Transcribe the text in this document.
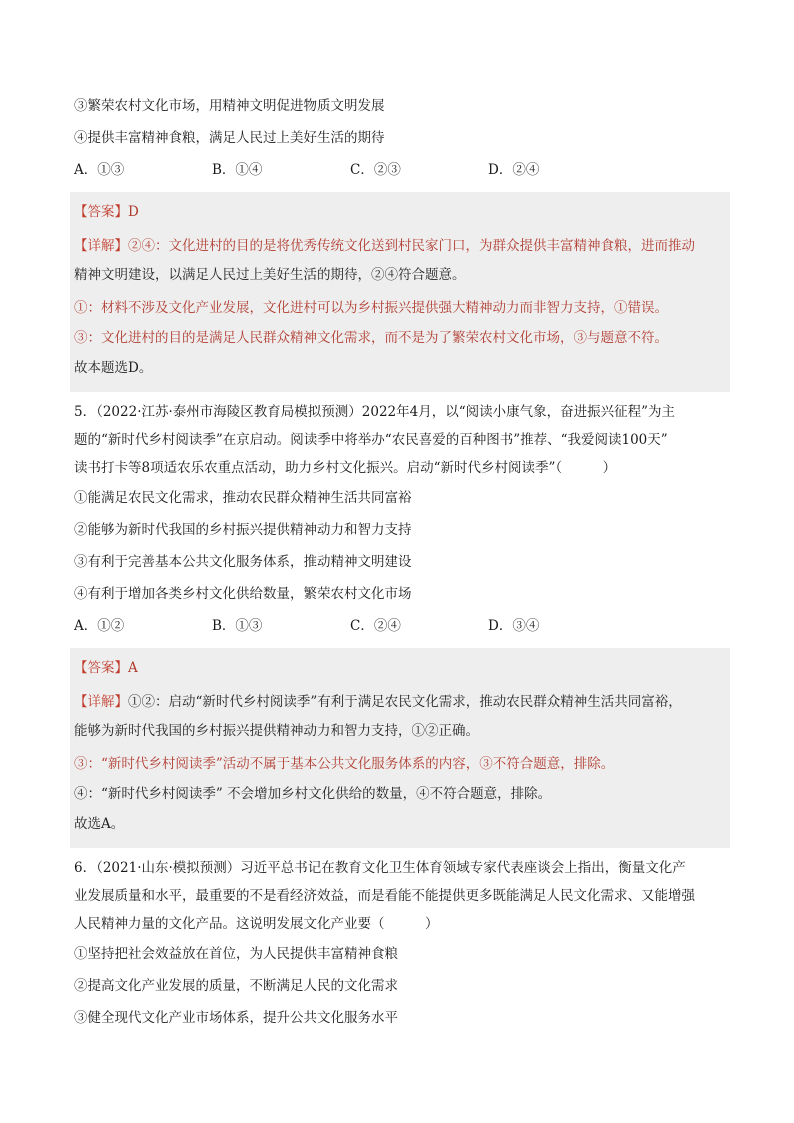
③繁荣农村文化市场，用精神文明促进物质文明发展

④提供丰富精神食粮，满足人民过上美好生活的期待

A．①③	B．①④	C．②③	D．②④
【答案】D
【详解】②④：文化进村的目的是将优秀传统文化送到村民家门口，为群众提供丰富精神食粮，进而推动
精神文明建设，以满足人民过上美好生活的期待，②④符合题意。
①：材料不涉及文化产业发展，文化进村可以为乡村振兴提供强大精神动力而非智力支持，①错误。
③：文化进村的目的是满足人民群众精神文化需求，而不是为了繁荣农村文化市场，③与题意不符。
故本题选D。
5．（2022·江苏·泰州市海陵区教育局模拟预测）2022年4月，以“阅读小康气象，奋进振兴征程”为主
题的“新时代乡村阅读季”在京启动。阅读季中将举办“农民喜爱的百种图书”推荐、“我爱阅读100天”
读书打卡等8项适农乐农重点活动，助力乡村文化振兴。启动“新时代乡村阅读季”（　　　）

①能满足农民文化需求，推动农民群众精神生活共同富裕

②能够为新时代我国的乡村振兴提供精神动力和智力支持

③有利于完善基本公共文化服务体系，推动精神文明建设

④有利于增加各类乡村文化供给数量，繁荣农村文化市场

A．①②	B．①③	C．②④	D．③④
【答案】A
【详解】①②：启动“新时代乡村阅读季”有利于满足农民文化需求，推动农民群众精神生活共同富裕，
能够为新时代我国的乡村振兴提供精神动力和智力支持，①②正确。
③：“新时代乡村阅读季”活动不属于基本公共文化服务体系的内容，③不符合题意，排除。
④：“新时代乡村阅读季” 不会增加乡村文化供给的数量，④不符合题意，排除。
故选A。
6．（2021·山东·模拟预测）习近平总书记在教育文化卫生体育领域专家代表座谈会上指出，衡量文化产
业发展质量和水平，最重要的不是看经济效益，而是看能不能提供更多既能满足人民文化需求、又能增强
人民精神力量的文化产品。这说明发展文化产业要（　　　）

①坚持把社会效益放在首位，为人民提供丰富精神食粮

②提高文化产业发展的质量，不断满足人民的文化需求

③健全现代文化产业市场体系，提升公共文化服务水平
